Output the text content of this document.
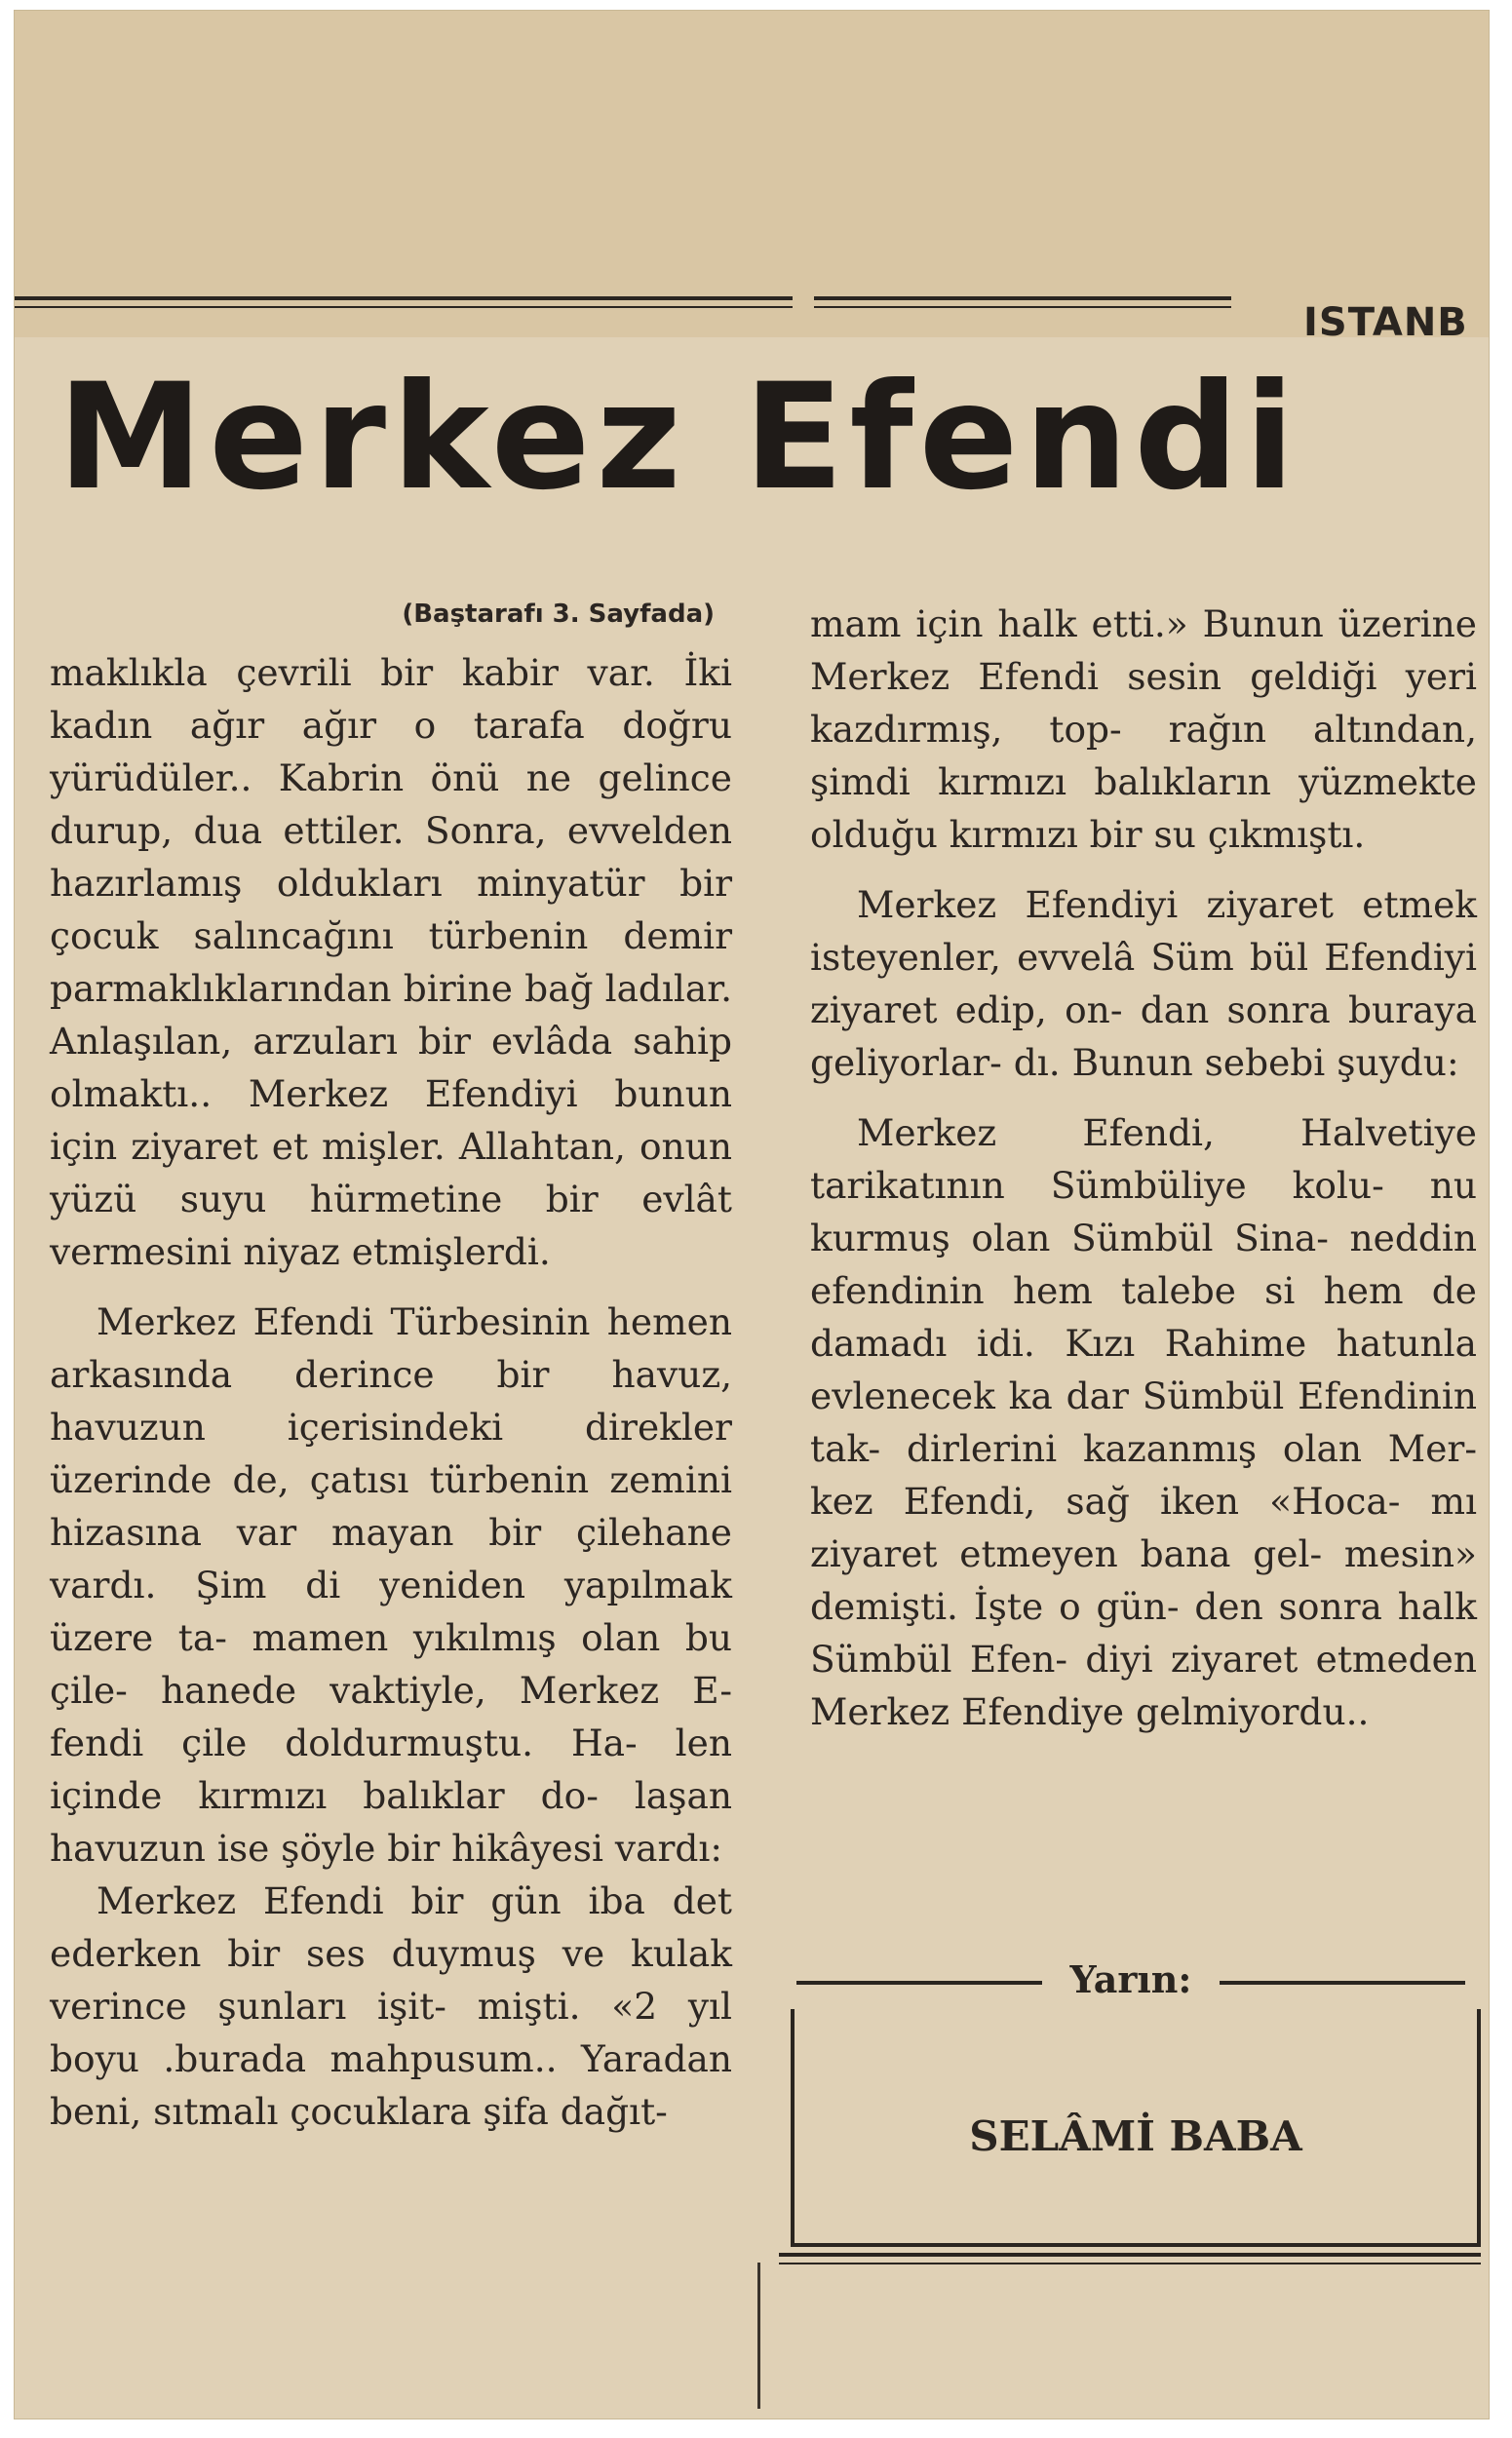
ISTANB
Merkez Efendi
(Baştarafı 3. Sayfada)

maklıkla çevrili bir kabir var. İki kadın ağır ağır o tarafa doğru yürüdüler.. Kabrin önü ne gelince durup, dua ettiler. Sonra, evvelden hazırlamış oldukları minyatür bir çocuk salıncağını türbenin demir parmaklıklarından birine bağ ladılar. Anlaşılan, arzuları bir evlâda sahip olmaktı.. Merkez Efendiyi bunun için ziyaret et mişler. Allahtan, onun yüzü suyu hürmetine bir evlât vermesini niyaz etmişlerdi.

Merkez Efendi Türbesinin hemen arkasında derince bir havuz, havuzun içerisindeki direkler üzerinde de, çatısı türbenin zemini hizasına var mayan bir çilehane vardı. Şim di yeniden yapılmak üzere ta- mamen yıkılmış olan bu çile- hanede vaktiyle, Merkez E- fendi çile doldurmuştu. Ha- len içinde kırmızı balıklar do- laşan havuzun ise şöyle bir hikâyesi vardı:

Merkez Efendi bir gün iba det ederken bir ses duymuş ve kulak verince şunları işit- mişti. «2 yıl boyu .burada mahpusum.. Yaradan beni, sıtmalı çocuklara şifa dağıt-

mam için halk etti.» Bunun üzerine Merkez Efendi sesin geldiği yeri kazdırmış, top- rağın altından, şimdi kırmızı balıkların yüzmekte olduğu kırmızı bir su çıkmıştı.

Merkez Efendiyi ziyaret etmek isteyenler, evvelâ Süm bül Efendiyi ziyaret edip, on- dan sonra buraya geliyorlar- dı. Bunun sebebi şuydu:

Merkez Efendi, Halvetiye tarikatının Sümbüliye kolu- nu kurmuş olan Sümbül Sina- neddin efendinin hem talebe si hem de damadı idi. Kızı Rahime hatunla evlenecek ka dar Sümbül Efendinin tak- dirlerini kazanmış olan Mer- kez Efendi, sağ iken «Hoca- mı ziyaret etmeyen bana gel- mesin» demişti. İşte o gün- den sonra halk Sümbül Efen- diyi ziyaret etmeden Merkez Efendiye gelmiyordu..

Yarın:
SELÂMİ BABA
